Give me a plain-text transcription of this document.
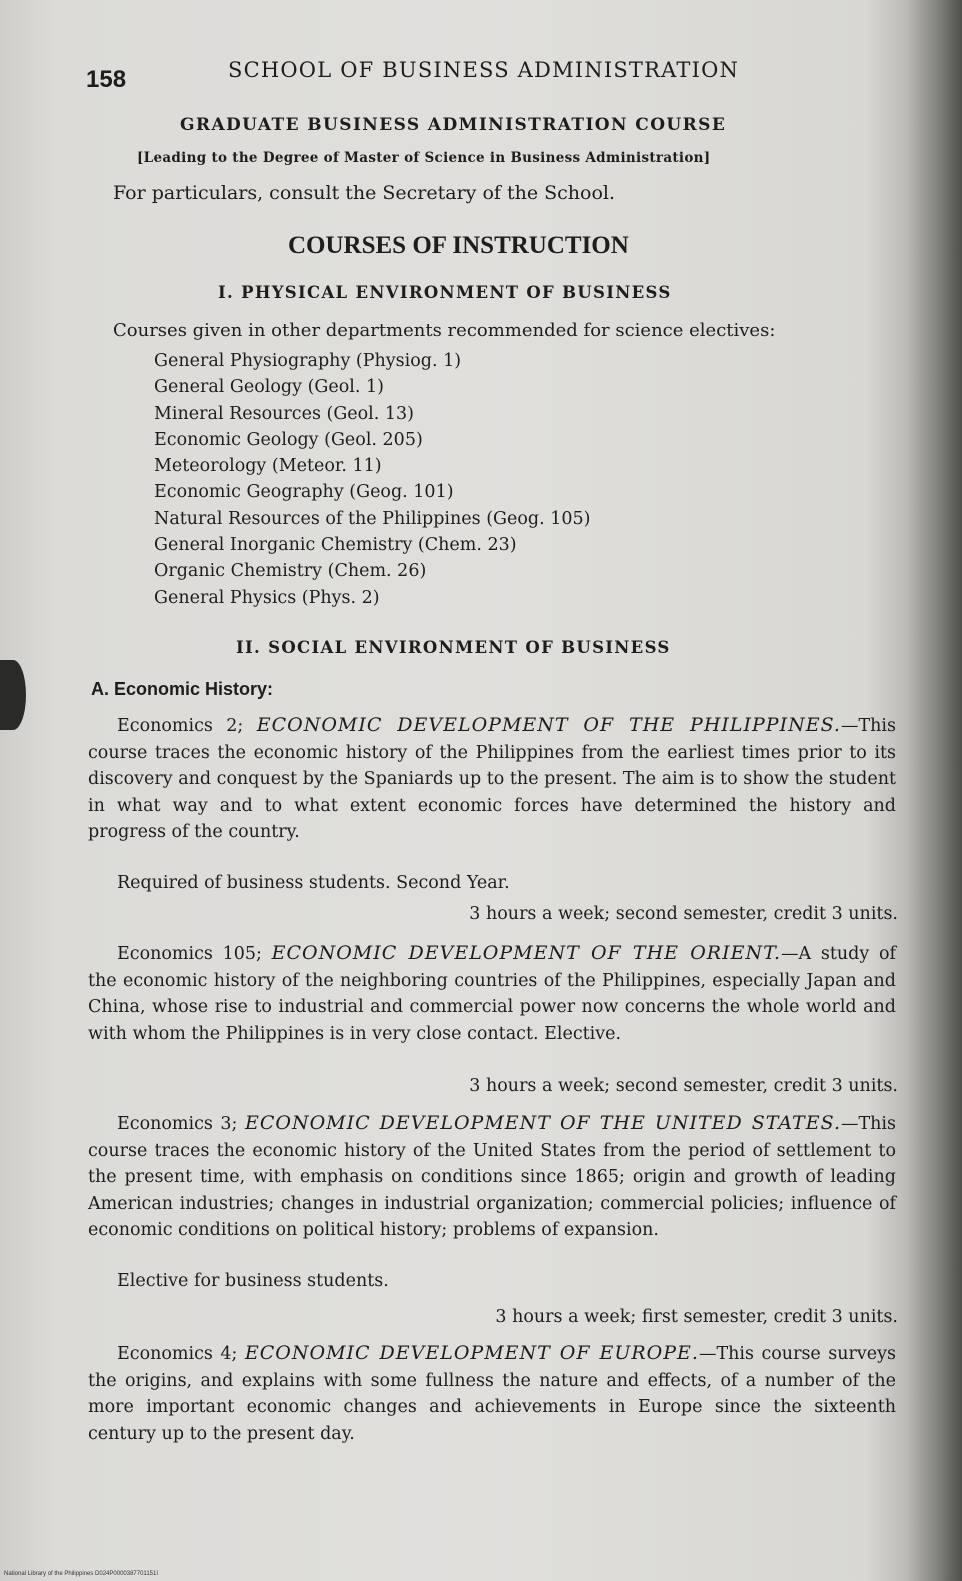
158	SCHOOL OF BUSINESS ADMINISTRATION
GRADUATE BUSINESS ADMINISTRATION COURSE
[Leading to the Degree of Master of Science in Business Administration]
For particulars, consult the Secretary of the School.
COURSES OF INSTRUCTION
I. PHYSICAL ENVIRONMENT OF BUSINESS
Courses given in other departments recommended for science electives:
General Physiography (Physiog. 1)
General Geology (Geol. 1)
Mineral Resources (Geol. 13)
Economic Geology (Geol. 205)
Meteorology (Meteor. 11)
Economic Geography (Geog. 101)
Natural Resources of the Philippines (Geog. 105)
General Inorganic Chemistry (Chem. 23)
Organic Chemistry (Chem. 26)
General Physics (Phys. 2)
II. SOCIAL ENVIRONMENT OF BUSINESS
A. Economic History:
Economics 2; ECONOMIC DEVELOPMENT OF THE PHILIPPINES.—This course traces the economic history of the Philippines from the earliest times prior to its discovery and conquest by the Spaniards up to the present. The aim is to show the student in what way and to what extent economic forces have determined the history and progress of the country.
Required of business students. Second Year.
3 hours a week; second semester, credit 3 units.
Economics 105; ECONOMIC DEVELOPMENT OF THE ORIENT.—A study of the economic history of the neighboring countries of the Philippines, especially Japan and China, whose rise to industrial and commercial power now concerns the whole world and with whom the Philippines is in very close contact. Elective.
3 hours a week; second semester, credit 3 units.
Economics 3; ECONOMIC DEVELOPMENT OF THE UNITED STATES.—This course traces the economic history of the United States from the period of settlement to the present time, with emphasis on conditions since 1865; origin and growth of leading American industries; changes in industrial organization; commercial policies; influence of economic conditions on political history; problems of expansion.
Elective for business students.
3 hours a week; first semester, credit 3 units.
Economics 4; ECONOMIC DEVELOPMENT OF EUROPE.—This course surveys the origins, and explains with some fullness the nature and effects, of a number of the more important economic changes and achievements in Europe since the sixteenth century up to the present day.
National Library of the Philippines D024P0000387701151I
